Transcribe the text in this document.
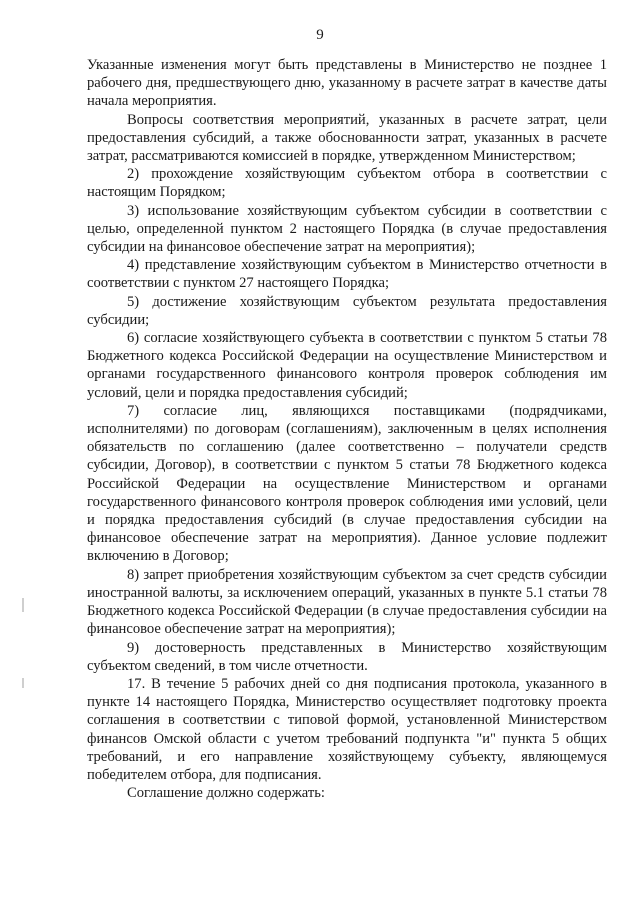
9

Указанные изменения могут быть представлены в Министерство не позднее 1 рабочего дня, предшествующего дню, указанному в расчете затрат в качестве даты начала мероприятия.

Вопросы соответствия мероприятий, указанных в расчете затрат, цели предоставления субсидий, а также обоснованности затрат, указанных в расчете затрат, рассматриваются комиссией в порядке, утвержденном Министерством;

2) прохождение хозяйствующим субъектом отбора в соответствии с настоящим Порядком;

3) использование хозяйствующим субъектом субсидии в соответствии с целью, определенной пунктом 2 настоящего Порядка (в случае предоставления субсидии на финансовое обеспечение затрат на мероприятия);

4) представление хозяйствующим субъектом в Министерство отчетности в соответствии с пунктом 27 настоящего Порядка;

5) достижение хозяйствующим субъектом результата предоставления субсидии;

6) согласие хозяйствующего субъекта в соответствии с пунктом 5 статьи 78 Бюджетного кодекса Российской Федерации на осуществление Министерством и органами государственного финансового контроля проверок соблюдения им условий, цели и порядка предоставления субсидий;

7) согласие лиц, являющихся поставщиками (подрядчиками, исполнителями) по договорам (соглашениям), заключенным в целях исполнения обязательств по соглашению (далее соответственно – получатели средств субсидии, Договор), в соответствии с пунктом 5 статьи 78 Бюджетного кодекса Российской Федерации на осуществление Министерством и органами государственного финансового контроля проверок соблюдения ими условий, цели и порядка предоставления субсидий (в случае предоставления субсидии на финансовое обеспечение затрат на мероприятия). Данное условие подлежит включению в Договор;

8) запрет приобретения хозяйствующим субъектом за счет средств субсидии иностранной валюты, за исключением операций, указанных в пункте 5.1 статьи 78 Бюджетного кодекса Российской Федерации (в случае предоставления субсидии на финансовое обеспечение затрат на мероприятия);

9) достоверность представленных в Министерство хозяйствующим субъектом сведений, в том числе отчетности.

17. В течение 5 рабочих дней со дня подписания протокола, указанного в пункте 14 настоящего Порядка, Министерство осуществляет подготовку проекта соглашения в соответствии с типовой формой, установленной Министерством финансов Омской области с учетом требований подпункта "и" пункта 5 общих требований, и его направление хозяйствующему субъекту, являющемуся победителем отбора, для подписания.

Соглашение должно содержать:
